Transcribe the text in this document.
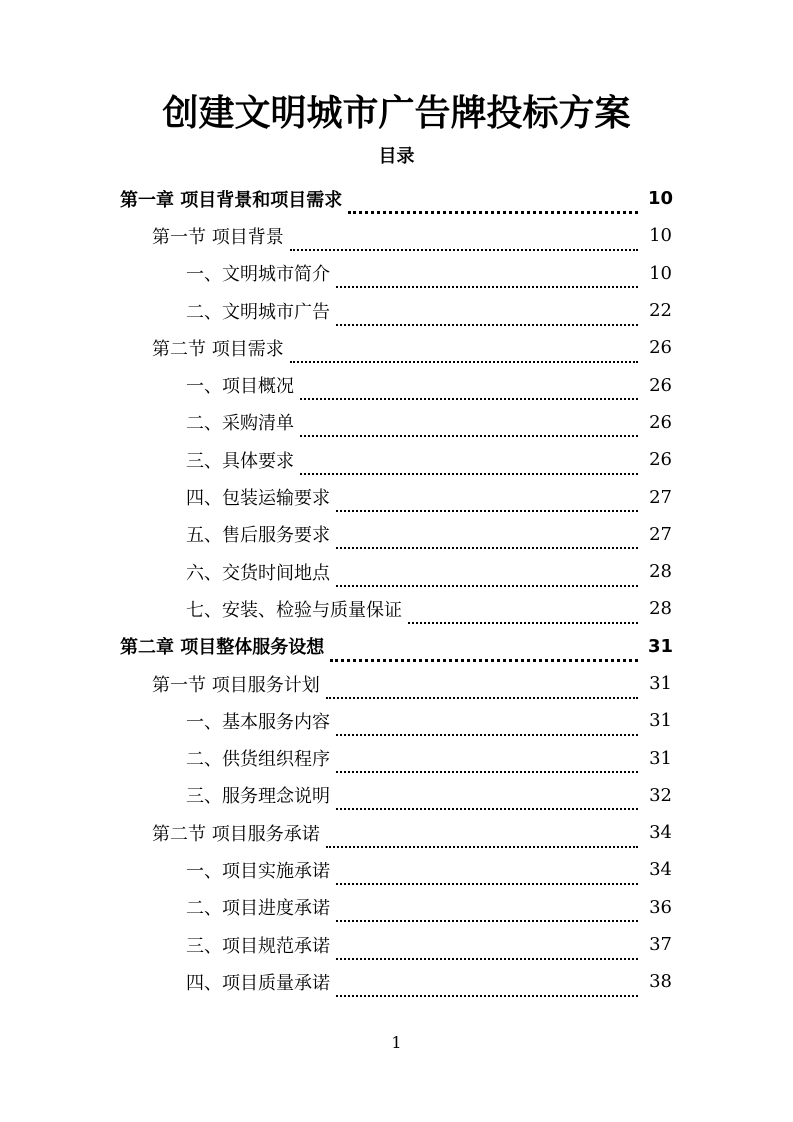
创建文明城市广告牌投标方案
目录
第一章 项目背景和项目需求	10
第一节 项目背景	10
一、文明城市简介	10
二、文明城市广告	22
第二节 项目需求	26
一、项目概况	26
二、采购清单	26
三、具体要求	26
四、包装运输要求	27
五、售后服务要求	27
六、交货时间地点	28
七、安装、检验与质量保证	28
第二章 项目整体服务设想	31
第一节 项目服务计划	31
一、基本服务内容	31
二、供货组织程序	31
三、服务理念说明	32
第二节 项目服务承诺	34
一、项目实施承诺	34
二、项目进度承诺	36
三、项目规范承诺	37
四、项目质量承诺	38
1
